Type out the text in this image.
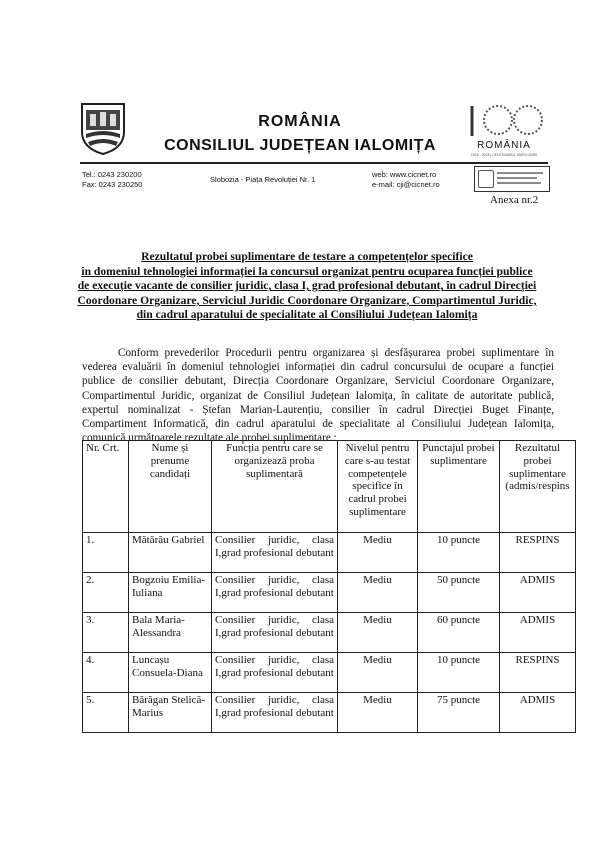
ROMÂNIA
CONSILIUL JUDEȚEAN IALOMIȚA	ROMÂNIA
1918 ∙ 2018 | CENTENARUL MARII UNIRI
Tel.: 0243 230200
Fax: 0243 230250
Slobozia - Piața Revoluției Nr. 1
web: www.cicnet.ro
e-mail: cji@cicnet.ro
Anexa nr.2
Rezultatul probei suplimentare de testare a competențelor specifice
în domeniul tehnologiei informației la concursul organizat pentru ocuparea funcției publice
de execuție vacante de consilier juridic, clasa I, grad profesional debutant, în cadrul Direcției
Coordonare Organizare, Serviciul Juridic Coordonare Organizare, Compartimentul Juridic,
din cadrul aparatului de specialitate al Consiliului Județean Ialomița
Conform prevederilor Procedurii pentru organizarea și desfășurarea probei suplimentare în vederea evaluării în domeniul tehnologiei informației din cadrul concursului de ocupare a funcției publice de consilier debutant, Direcția Coordonare Organizare, Serviciul Coordonare Organizare, Compartimentul Juridic, organizat de Consiliul Județean Ialomița, în calitate de autoritate publică, expertul nominalizat - Ștefan Marian-Laurențiu, consilier în cadrul Direcției Buget Finanțe, Compartiment Informatică, din cadrul aparatului de specialitate al Consiliului Județean Ialomița, comunică următoarele rezultate ale probei suplimentare :
Nr. Crt.	Nume și prenume candidați	Funcția pentru care se organizează proba suplimentară	Nivelul pentru care s-au testat competențele specifice în cadrul probei suplimentare	Punctajul probei suplimentare	Rezultatul probei suplimentare (admis/respins
1.	Mătărău Gabriel	Consilier juridic, clasa I,grad profesional debutant	Mediu	10 puncte	RESPINS
2.	Bogzoiu Emilia-Iuliana	Consilier juridic, clasa I,grad profesional debutant	Mediu	50 puncte	ADMIS
3.	Bala Maria-Alessandra	Consilier juridic, clasa I,grad profesional debutant	Mediu	60 puncte	ADMIS
4.	Luncașu Consuela-Diana	Consilier juridic, clasa I,grad profesional debutant	Mediu	10 puncte	RESPINS
5.	Bărăgan Stelică-Marius	Consilier juridic, clasa I,grad profesional debutant	Mediu	75 puncte	ADMIS
